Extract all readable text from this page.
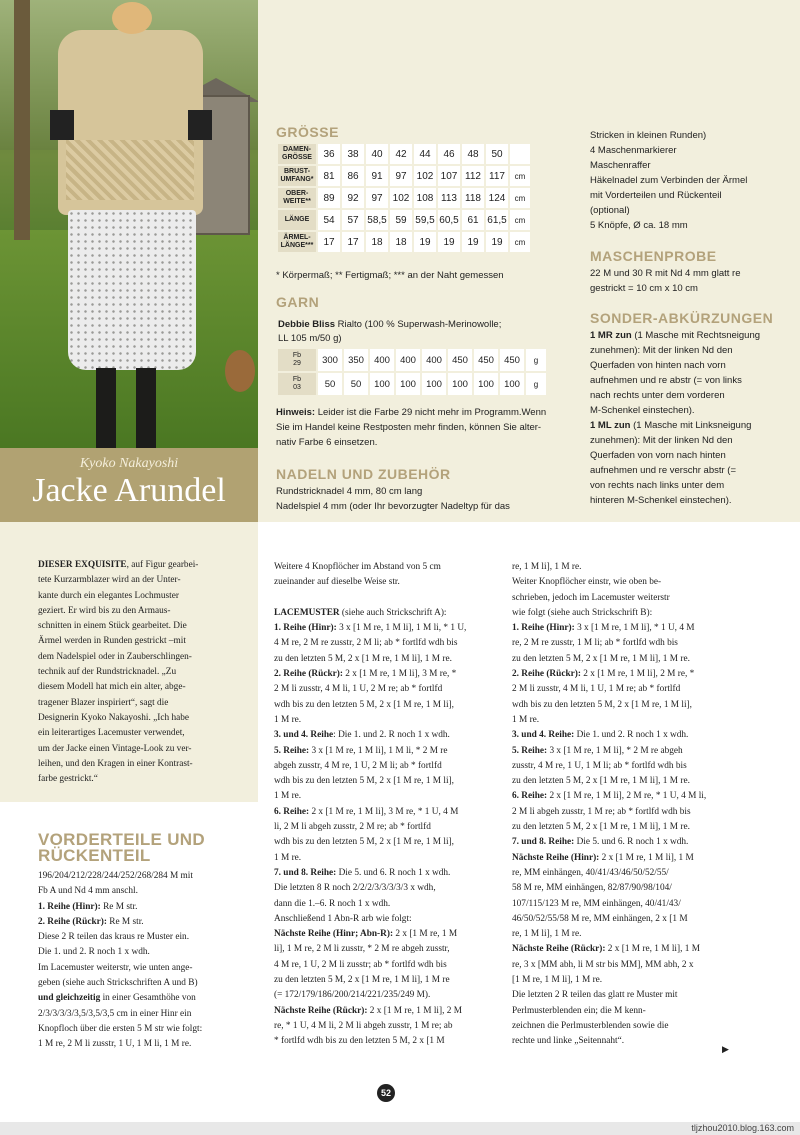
Kyoko Nakayoshi
Jacke Arundel
GRÖSSE
DAMEN-
GRÖSSE	36	38	40	42	44	46	48	50	

BRUST-
UMFANG*	81	86	91	97	102	107	112	117	cm

OBER-
WEITE**	89	92	97	102	108	113	118	124	cm

LÄNGE	54	57	58,5	59	59,5	60,5	61	61,5	cm

ÄRMEL-
LÄNGE***	17	17	18	18	19	19	19	19	cm
* Körpermaß; ** Fertigmaß; *** an der Naht gemessen
GARN
Debbie Bliss Rialto (100 % Superwash-Merinowolle;
LL 105 m/50 g)
Fb
29	300	350	400	400	400	450	450	450	g

Fb
03	50	50	100	100	100	100	100	100	g
Hinweis: Leider ist die Farbe 29 nicht mehr im Programm.Wenn
Sie im Handel keine Restposten mehr finden, können Sie alter-
nativ Farbe 6 einsetzen.
NADELN UND ZUBEHÖR
Rundstricknadel 4 mm, 80 cm lang
Nadelspiel 4 mm (oder Ihr bevorzugter Nadeltyp für das
Stricken in kleinen Runden)
4 Maschenmarkierer
Maschenraffer
Häkelnadel zum Verbinden der Ärmel
mit Vorderteilen und Rückenteil
(optional)
5 Knöpfe, Ø ca. 18 mm
MASCHENPROBE
22 M und 30 R mit Nd 4 mm glatt re
gestrickt = 10 cm x 10 cm
SONDER-ABKÜRZUNGEN
1 MR zun (1 Masche mit Rechtsneigung
zunehmen): Mit der linken Nd den
Querfaden von hinten nach vorn
aufnehmen und re abstr (= von links
nach rechts unter dem vorderen
M-Schenkel einstechen).
1 ML zun (1 Masche mit Linksneigung
zunehmen): Mit der linken Nd den
Querfaden von vorn nach hinten
aufnehmen und re verschr abstr (=
von rechts nach links unter dem
hinteren M-Schenkel einstechen).
DIESER EXQUISITE, auf Figur gearbei-
tete Kurzarmblazer wird an der Unter-
kante durch ein elegantes Lochmuster
geziert. Er wird bis zu den Armaus-
schnitten in einem Stück gearbeitet. Die
Ärmel werden in Runden gestrickt –mit
dem Nadelspiel oder in Zauberschlingen-
technik auf der Rundstricknadel. „Zu
diesem Modell hat mich ein alter, abge-
tragener Blazer inspiriert“, sagt die
Designerin Kyoko Nakayoshi. „Ich habe
ein leiterartiges Lacemuster verwendet,
um der Jacke einen Vintage-Look zu ver-
leihen, und den Kragen in einer Kontrast-
farbe gestrickt.“
VORDERTEILE UND
RÜCKENTEIL
196/204/212/228/244/252/268/284 M mit
Fb A und Nd 4 mm anschl.
1. Reihe (Hinr): Re M str.
2. Reihe (Rückr): Re M str.
Diese 2 R teilen das kraus re Muster ein.
Die 1. und 2. R noch 1 x wdh.
Im Lacemuster weiterstr, wie unten ange-
geben (siehe auch Strickschriften A und B)
und gleichzeitig in einer Gesamthöhe von
2/3/3/3/3/3,5/3,5/3,5 cm in einer Hinr ein
Knopfloch über die ersten 5 M str wie folgt:
1 M re, 2 M li zusstr, 1 U, 1 M li, 1 M re.
Weitere 4 Knopflöcher im Abstand von 5 cm
zueinander auf dieselbe Weise str.
LACEMUSTER (siehe auch Strickschrift A):
1. Reihe (Hinr): 3 x [1 M re, 1 M li], 1 M li, * 1 U,
4 M re, 2 M re zusstr, 2 M li; ab * fortlfd wdh bis
zu den letzten 5 M, 2 x [1 M re, 1 M li], 1 M re.
2. Reihe (Rückr): 2 x [1 M re, 1 M li], 3 M re, *
2 M li zusstr, 4 M li, 1 U, 2 M re; ab * fortlfd
wdh bis zu den letzten 5 M, 2 x [1 M re, 1 M li],
1 M re.
3. und 4. Reihe: Die 1. und 2. R noch 1 x wdh.
5. Reihe: 3 x [1 M re, 1 M li], 1 M li, * 2 M re
abgeh zusstr, 4 M re, 1 U, 2 M li; ab * fortlfd
wdh bis zu den letzten 5 M, 2 x [1 M re, 1 M li],
1 M re.
6. Reihe: 2 x [1 M re, 1 M li], 3 M re, * 1 U, 4 M
li, 2 M li abgeh zusstr, 2 M re; ab * fortlfd
wdh bis zu den letzten 5 M, 2 x [1 M re, 1 M li],
1 M re.
7. und 8. Reihe: Die 5. und 6. R noch 1 x wdh.
Die letzten 8 R noch 2/2/2/3/3/3/3/3 x wdh,
dann die 1.–6. R noch 1 x wdh.
Anschließend 1 Abn-R arb wie folgt:
Nächste Reihe (Hinr; Abn-R): 2 x [1 M re, 1 M
li], 1 M re, 2 M li zusstr, * 2 M re abgeh zusstr,
4 M re, 1 U, 2 M li zusstr; ab * fortlfd wdh bis
zu den letzten 5 M, 2 x [1 M re, 1 M li], 1 M re
(= 172/179/186/200/214/221/235/249 M).
Nächste Reihe (Rückr): 2 x [1 M re, 1 M li], 2 M
re, * 1 U, 4 M li, 2 M li abgeh zusstr, 1 M re; ab
* fortlfd wdh bis zu den letzten 5 M, 2 x [1 M
re, 1 M li], 1 M re.
Weiter Knopflöcher einstr, wie oben be-
schrieben, jedoch im Lacemuster weiterstr
wie folgt (siehe auch Strickschrift B):
1. Reihe (Hinr): 3 x [1 M re, 1 M li], * 1 U, 4 M
re, 2 M re zusstr, 1 M li; ab * fortlfd wdh bis
zu den letzten 5 M, 2 x [1 M re, 1 M li], 1 M re.
2. Reihe (Rückr): 2 x [1 M re, 1 M li], 2 M re, *
2 M li zusstr, 4 M li, 1 U, 1 M re; ab * fortlfd
wdh bis zu den letzten 5 M, 2 x [1 M re, 1 M li],
1 M re.
3. und 4. Reihe: Die 1. und 2. R noch 1 x wdh.
5. Reihe: 3 x [1 M re, 1 M li], * 2 M re abgeh
zusstr, 4 M re, 1 U, 1 M li; ab * fortlfd wdh bis
zu den letzten 5 M, 2 x [1 M re, 1 M li], 1 M re.
6. Reihe: 2 x [1 M re, 1 M li], 2 M re, * 1 U, 4 M li,
2 M li abgeh zusstr, 1 M re; ab * fortlfd wdh bis
zu den letzten 5 M, 2 x [1 M re, 1 M li], 1 M re.
7. und 8. Reihe: Die 5. und 6. R noch 1 x wdh.
Nächste Reihe (Hinr): 2 x [1 M re, 1 M li], 1 M
re, MM einhängen, 40/41/43/46/50/52/55/
58 M re, MM einhängen, 82/87/90/98/104/
107/115/123 M re, MM einhängen, 40/41/43/
46/50/52/55/58 M re, MM einhängen, 2 x [1 M
re, 1 M li], 1 M re.
Nächste Reihe (Rückr): 2 x [1 M re, 1 M li], 1 M
re, 3 x [MM abh, li M str bis MM], MM abh, 2 x
[1 M re, 1 M li], 1 M re.
Die letzten 2 R teilen das glatt re Muster mit
Perlmusterblenden ein; die M kenn-
zeichnen die Perlmusterblenden sowie die
rechte und linke „Seitennaht“.
▶
52
tljzhou2010.blog.163.com
